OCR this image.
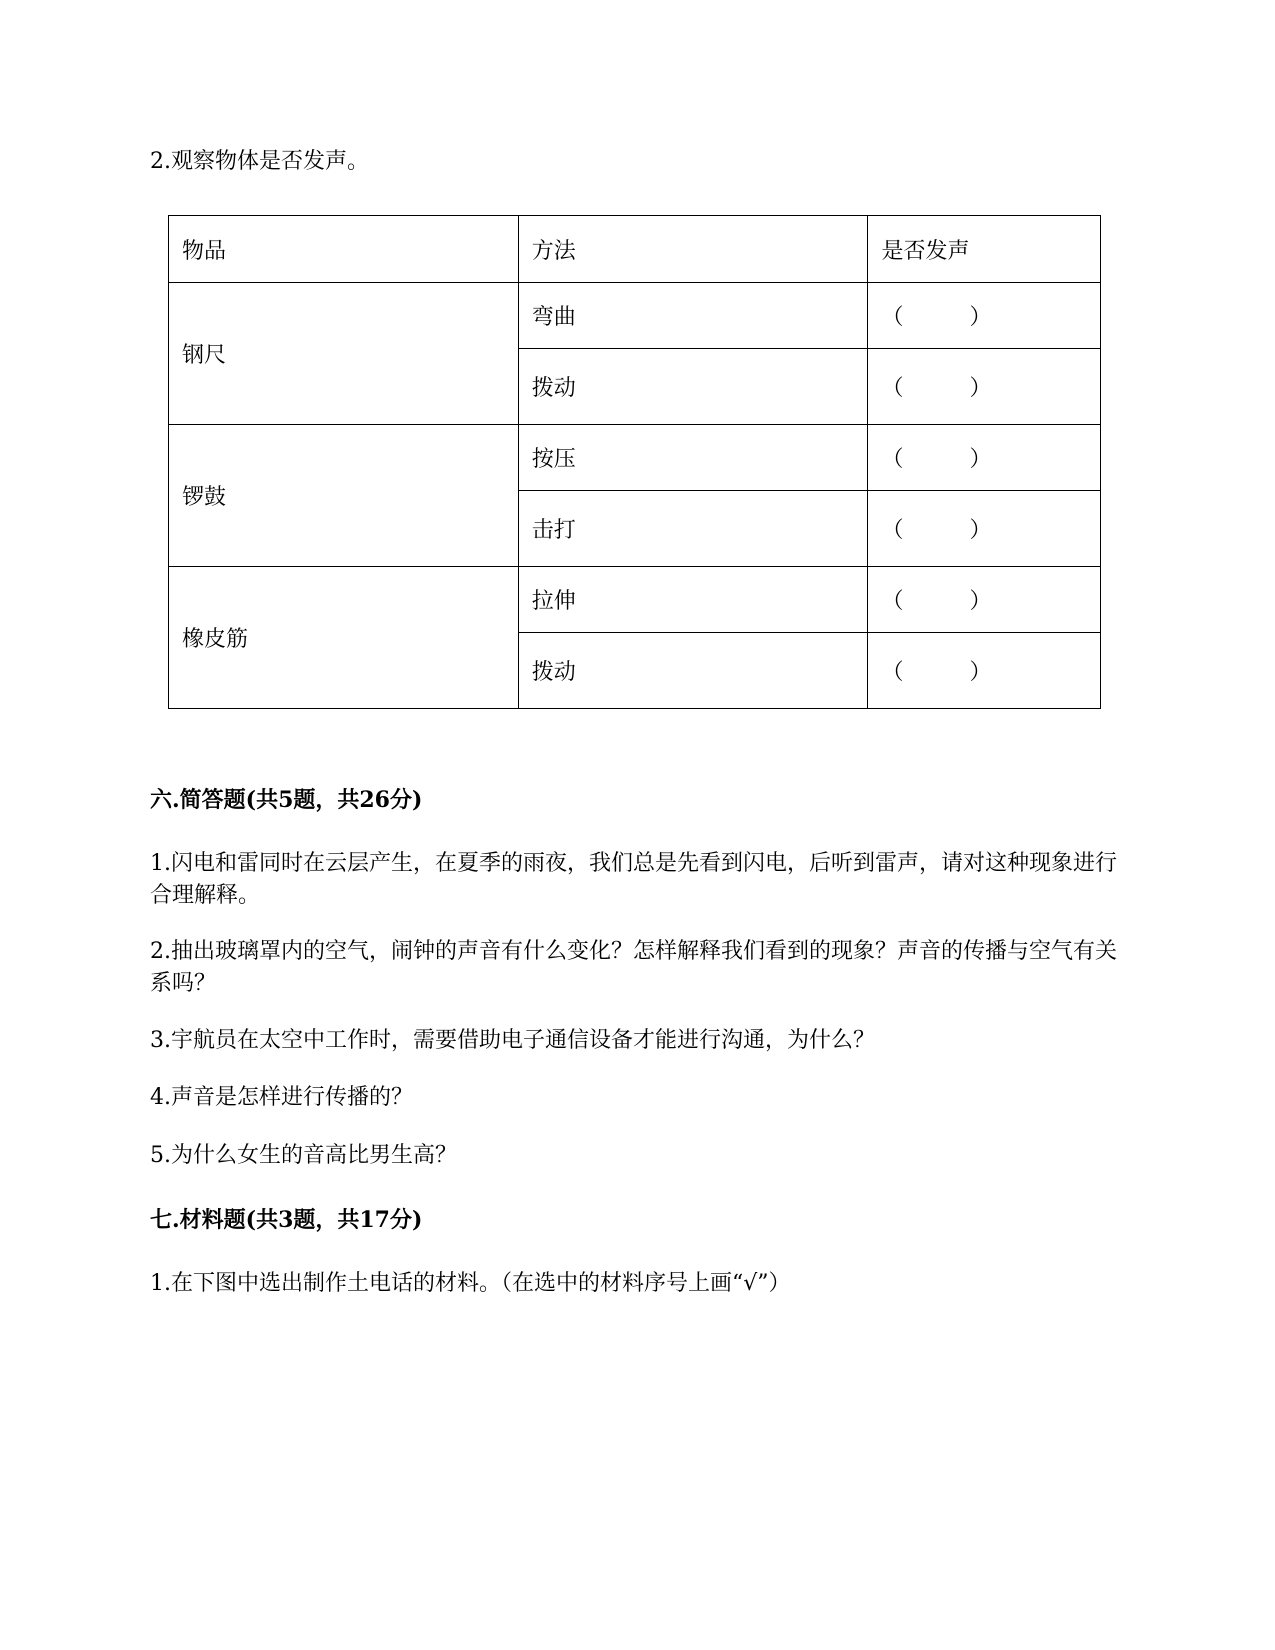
2.观察物体是否发声。
物品	方法	是否发声
钢尺	弯曲	（　　　）
	拨动	（　　　）
锣鼓	按压	（　　　）
	击打	（　　　）
橡皮筋	拉伸	（　　　）
	拨动	（　　　）
六.简答题(共5题，共26分)
1.闪电和雷同时在云层产生，在夏季的雨夜，我们总是先看到闪电，后听到雷声，请对这种现象进行合理解释。
2.抽出玻璃罩内的空气，闹钟的声音有什么变化？怎样解释我们看到的现象？声音的传播与空气有关系吗？
3.宇航员在太空中工作时，需要借助电子通信设备才能进行沟通，为什么？
4.声音是怎样进行传播的？
5.为什么女生的音高比男生高？
七.材料题(共3题，共17分)
1.在下图中选出制作土电话的材料。（在选中的材料序号上画“√”）
